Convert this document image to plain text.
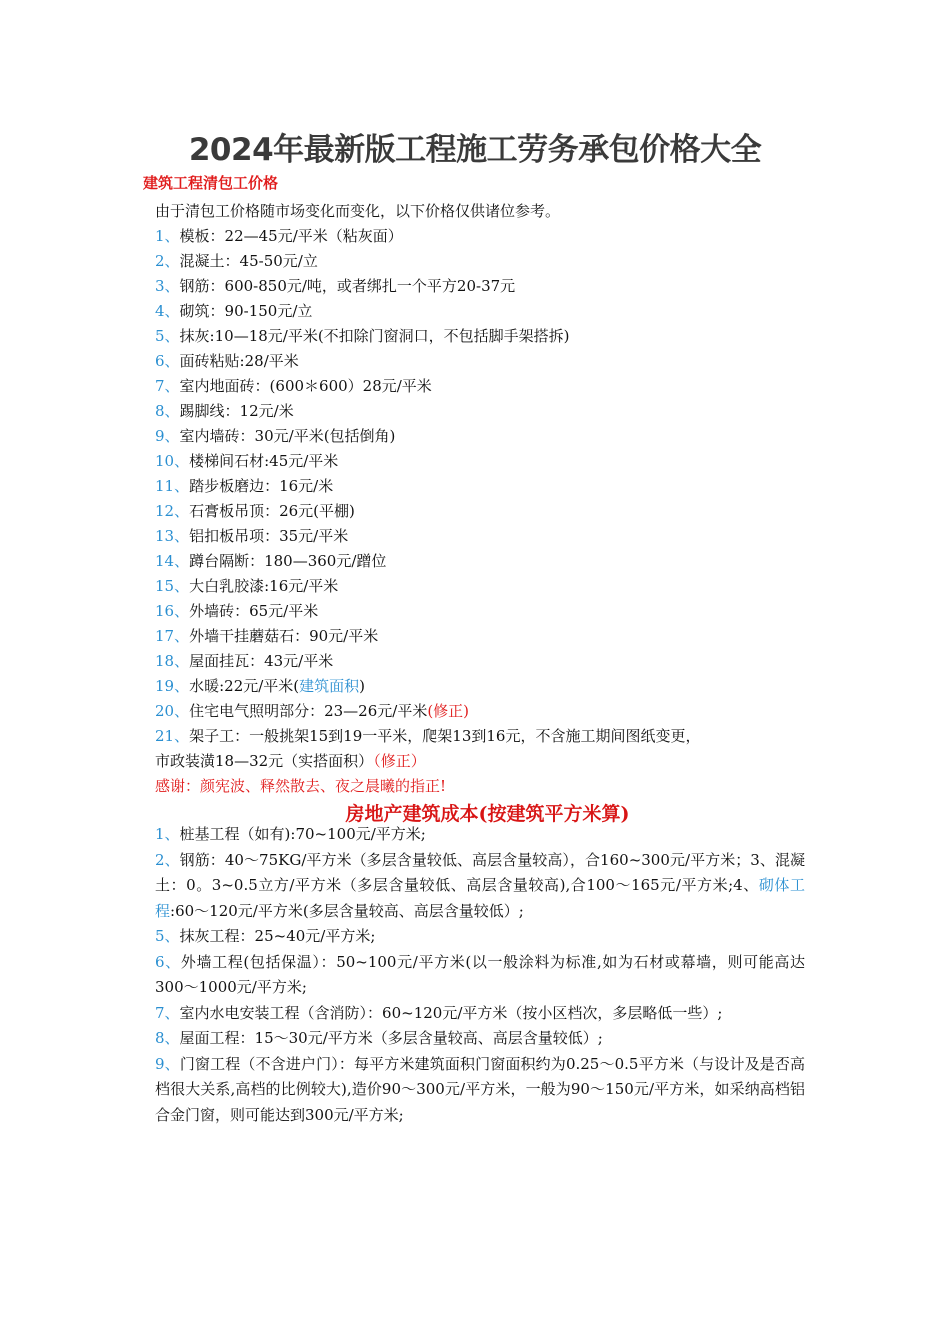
2024年最新版工程施工劳务承包价格大全
建筑工程清包工价格

由于清包工价格随市场变化而变化，以下价格仅供诸位参考。

1、模板：22—45元/平米（粘灰面）

2、混凝土：45-50元/立

3、钢筋：600-850元/吨，或者绑扎一个平方20-37元

4、砌筑：90-150元/立

5、抹灰:10—18元/平米(不扣除门窗洞口，不包括脚手架搭拆)

6、面砖粘贴:28/平米

7、室内地面砖：(600＊600）28元/平米

8、踢脚线：12元/米

9、室内墙砖：30元/平米(包括倒角)

10、楼梯间石材:45元/平米

11、踏步板磨边：16元/米

12、石膏板吊顶：26元(平棚)

13、铝扣板吊项：35元/平米

14、蹲台隔断：180—360元/蹭位

15、大白乳胶漆:16元/平米

16、外墙砖：65元/平米

17、外墙干挂蘑菇石：90元/平米

18、屋面挂瓦：43元/平米

19、水暖:22元/平米(建筑面积)

20、住宅电气照明部分：23—26元/平米(修正)

21、架子工：一般挑架15到19一平米，爬架13到16元，不含施工期间图纸变更，
市政装潢18—32元（实搭面积）（修正）

感谢：颜宪波、释然散去、夜之晨曦的指正!

房地产建筑成本(按建筑平方米算)

1、桩基工程（如有):70~100元/平方米;

2、钢筋：40～75KG/平方米（多层含量较低、高层含量较高），合160~300元/平方米；3、混凝土：0。3~0.5立方/平方米（多层含量较低、高层含量较高),合100～165元/平方米;4、砌体工程:60～120元/平方米(多层含量较高、高层含量较低）;

5、抹灰工程：25~40元/平方米;

6、外墙工程(包括保温）：50~100元/平方米(以一般涂料为标准,如为石材或幕墙，则可能高达300～1000元/平方米;

7、室内水电安装工程（含消防）：60~120元/平方米（按小区档次，多层略低一些）;

8、屋面工程：15～30元/平方米（多层含量较高、高层含量较低）;

9、门窗工程（不含进户门）：每平方米建筑面积门窗面积约为0.25～0.5平方米（与设计及是否高档很大关系,高档的比例较大),造价90～300元/平方米，一般为90～150元/平方米，如采纳高档铝合金门窗，则可能达到300元/平方米;
